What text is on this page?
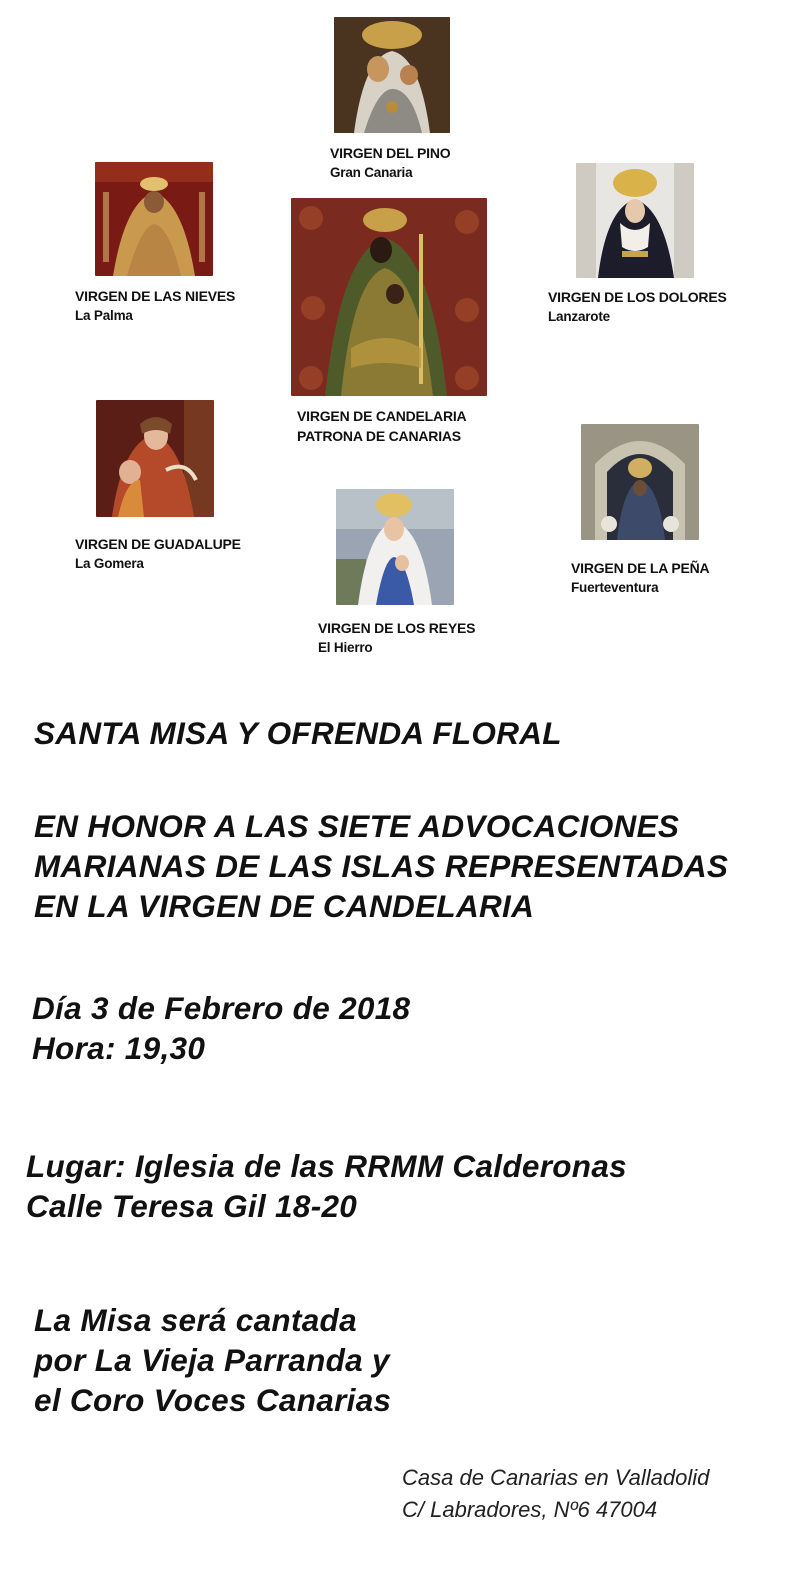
VIRGEN DEL PINO
Gran Canaria
VIRGEN DE LAS NIEVES
La Palma
VIRGEN DE LOS DOLORES
Lanzarote
VIRGEN DE CANDELARIA
PATRONA DE CANARIAS
VIRGEN DE GUADALUPE
La Gomera
VIRGEN DE LOS REYES
El Hierro
VIRGEN DE LA PEÑA
Fuerteventura
SANTA MISA Y OFRENDA FLORAL
EN HONOR A LAS SIETE ADVOCACIONES
MARIANAS DE LAS ISLAS REPRESENTADAS
EN LA VIRGEN DE CANDELARIA
Día 3 de Febrero de 2018
Hora: 19,30
Lugar: Iglesia de las RRMM Calderonas
Calle Teresa Gil 18-20
La Misa será cantada
por La Vieja Parranda y
el Coro Voces Canarias
Casa de Canarias en Valladolid
C/ Labradores, Nº6 47004
